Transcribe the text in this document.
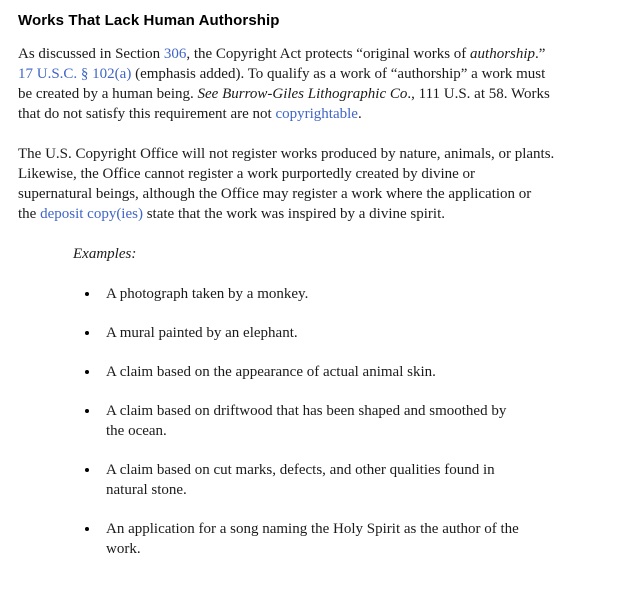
Works That Lack Human Authorship

As discussed in Section 306, the Copyright Act protects “original works of authorship.”
17 U.S.C. § 102(a) (emphasis added). To qualify as a work of “authorship” a work must
be created by a human being. See Burrow-Giles Lithographic Co., 111 U.S. at 58. Works
that do not satisfy this requirement are not copyrightable.

The U.S. Copyright Office will not register works produced by nature, animals, or plants.
Likewise, the Office cannot register a work purportedly created by divine or
supernatural beings, although the Office may register a work where the application or
the deposit copy(ies) state that the work was inspired by a divine spirit.

Examples:

• A photograph taken by a monkey.
• A mural painted by an elephant.
• A claim based on the appearance of actual animal skin.
• A claim based on driftwood that has been shaped and smoothed by
the ocean.
• A claim based on cut marks, defects, and other qualities found in
natural stone.
• An application for a song naming the Holy Spirit as the author of the
work.
